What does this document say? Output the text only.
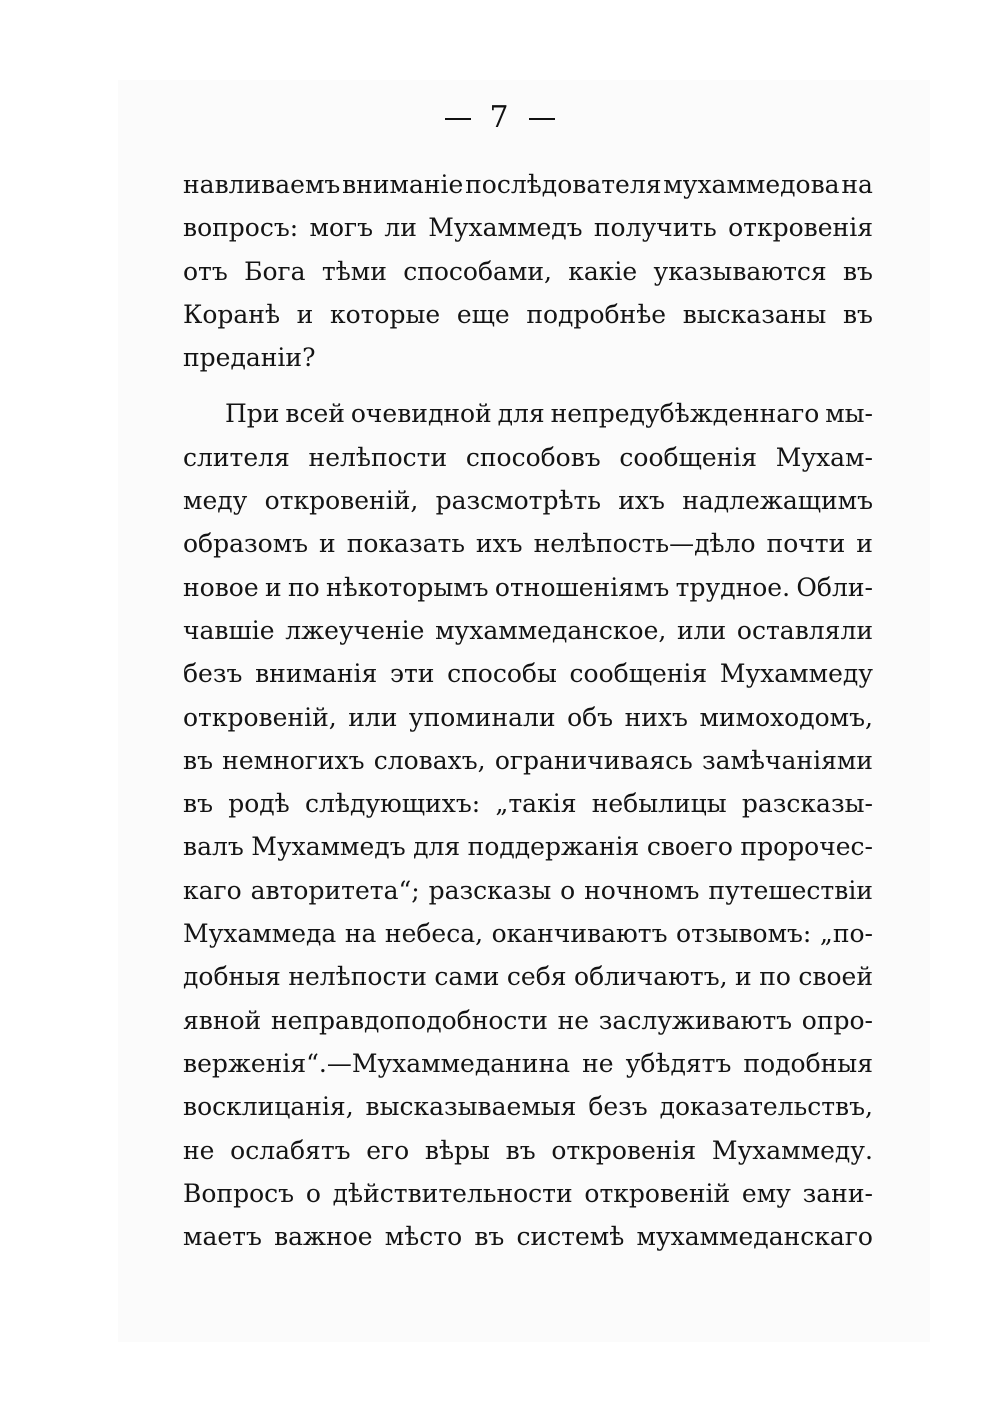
7
навливаемъ вниманіе послѣдователя мухаммедова на
вопросъ: могъ ли Мухаммедъ получить откровенія
отъ Бога тѣми способами, какіе указываются въ
Коранѣ и которые еще подробнѣе высказаны въ
преданіи?
При всей очевидной для непредубѣжденнаго мы-
слителя нелѣпости способовъ сообщенія Мухам-
меду откровеній, разсмотрѣть ихъ надлежащимъ
образомъ и показать ихъ нелѣпость—дѣло почти и
новое и по нѣкоторымъ отношеніямъ трудное. Обли-
чавшіе лжеученіе мухаммеданское, или оставляли
безъ вниманія эти способы сообщенія Мухаммеду
откровеній, или упоминали объ нихъ мимоходомъ,
въ немногихъ словахъ, ограничиваясь замѣчаніями
въ родѣ слѣдующихъ: „такія небылицы разсказы-
валъ Мухаммедъ для поддержанія своего пророчес-
каго авторитета“; разсказы о ночномъ путешествіи
Мухаммеда на небеса, оканчиваютъ отзывомъ: „по-
добныя нелѣпости сами себя обличаютъ, и по своей
явной неправдоподобности не заслуживаютъ опро-
верженія“.—Мухаммеданина не убѣдятъ подобныя
восклицанія, высказываемыя безъ доказательствъ,
не ослабятъ его вѣры въ откровенія Мухаммеду.
Вопросъ о дѣйствительности откровеній ему зани-
маетъ важное мѣсто въ системѣ мухаммеданскаго
